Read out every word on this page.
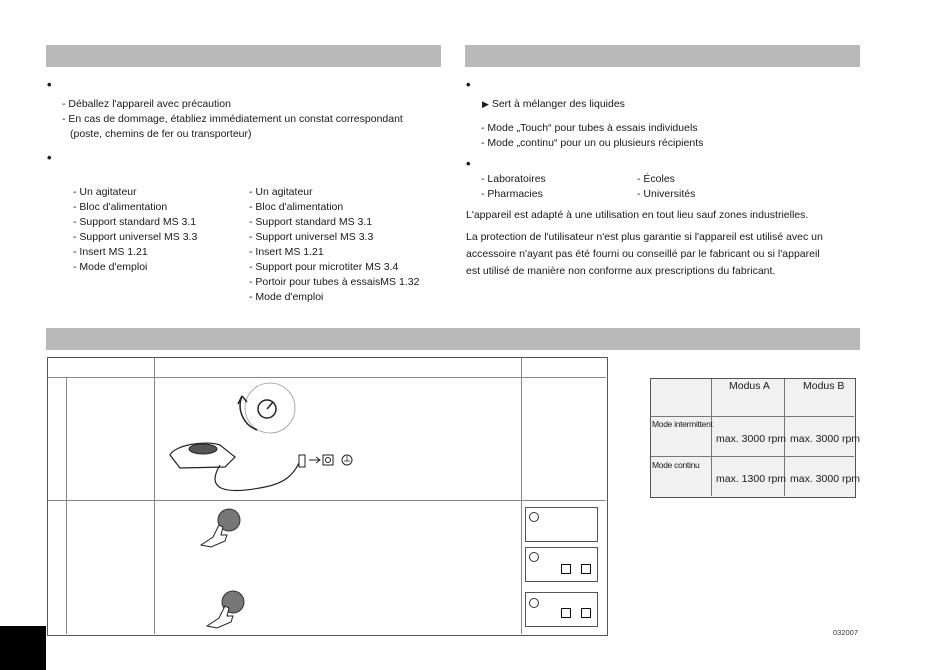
•
- Déballez l'appareil avec précaution
- En cas de dommage, établiez immédiatement un constat correspondant
(poste, chemins de fer ou transporteur)
•
- Un agitateur
- Bloc d'alimentation
- Support standard MS 3.1
- Support universel MS 3.3
- Insert MS 1.21
- Mode d'emploi
- Un agitateur
- Bloc d'alimentation
- Support standard MS 3.1
- Support universel MS 3.3
- Insert MS 1.21
- Support pour microtiter MS 3.4
- Portoir pour tubes à essaisMS 1.32
- Mode d'emploi
•
▶ Sert à mélanger des liquides
- Mode „Touch“ pour tubes à essais individuels
- Mode „continu“ pour un ou plusieurs récipients
•
- Laboratoires
- Pharmacies
- Écoles
- Universités
L'appareil est adapté à une utilisation en tout lieu sauf zones industrielles.
La protection de l'utilisateur n'est plus garantie si l'appareil est utilisé avec un
accessoire n'ayant pas été fourni ou conseillé par le fabricant ou si l'appareil
est utilisé de manière non conforme aux prescriptions du fabricant.
Modus A	Modus B
Mode intermittent
max. 3000 rpm max. 3000 rpm
Mode continu
max. 1300 rpm max. 3000 rpm
032007
